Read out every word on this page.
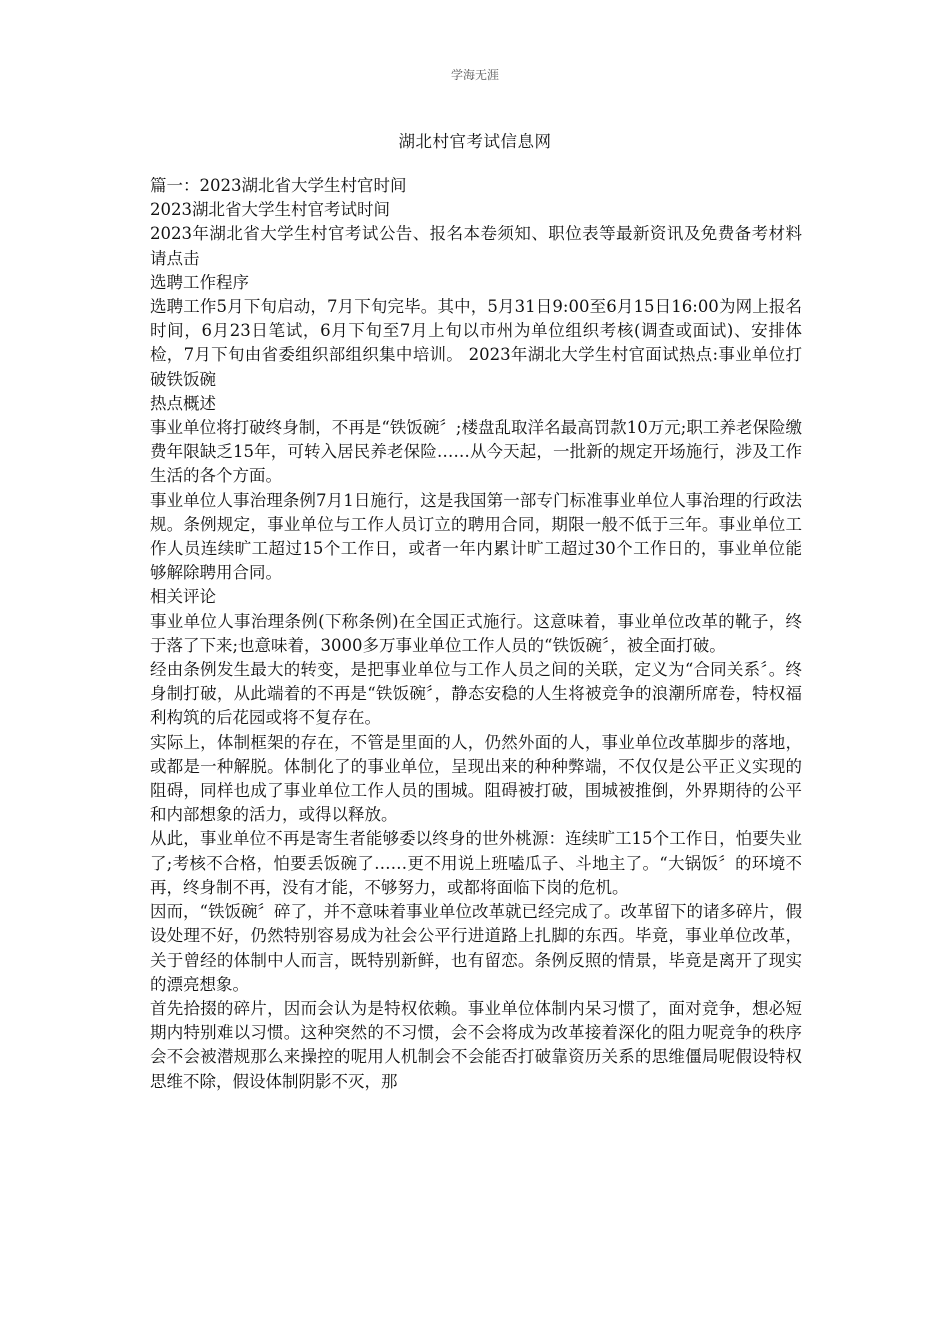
学海无涯
湖北村官考试信息网

篇一：2023湖北省大学生村官时间

2023湖北省大学生村官考试时间

2023年湖北省大学生村官考试公告、报名本卷须知、职位表等最新资讯及免费备考材料请点击

选聘工作程序

选聘工作5月下旬启动，7月下旬完毕。其中，5月31日9:00至6月15日16:00为网上报名时间，6月23日笔试，6月下旬至7月上旬以市州为单位组织考核(调查或面试)、安排体检，7月下旬由省委组织部组织集中培训。 2023年湖北大学生村官面试热点:事业单位打破铁饭碗

热点概述

事业单位将打破终身制，不再是“铁饭碗〞;楼盘乱取洋名最高罚款10万元;职工养老保险缴费年限缺乏15年，可转入居民养老保险……从今天起，一批新的规定开场施行，涉及工作生活的各个方面。

事业单位人事治理条例7月1日施行，这是我国第一部专门标准事业单位人事治理的行政法规。条例规定，事业单位与工作人员订立的聘用合同，期限一般不低于三年。事业单位工作人员连续旷工超过15个工作日，或者一年内累计旷工超过30个工作日的，事业单位能够解除聘用合同。

相关评论

事业单位人事治理条例(下称条例)在全国正式施行。这意味着，事业单位改革的靴子，终于落了下来;也意味着，3000多万事业单位工作人员的“铁饭碗〞，被全面打破。

经由条例发生最大的转变，是把事业单位与工作人员之间的关联，定义为“合同关系〞。终身制打破，从此端着的不再是“铁饭碗〞，静态安稳的人生将被竞争的浪潮所席卷，特权福利构筑的后花园或将不复存在。

实际上，体制框架的存在，不管是里面的人，仍然外面的人，事业单位改革脚步的落地，或都是一种解脱。体制化了的事业单位，呈现出来的种种弊端，不仅仅是公平正义实现的阻碍，同样也成了事业单位工作人员的围城。阻碍被打破，围城被推倒，外界期待的公平和内部想象的活力，或得以释放。

从此，事业单位不再是寄生者能够委以终身的世外桃源：连续旷工15个工作日，怕要失业了;考核不合格，怕要丢饭碗了……更不用说上班嗑瓜子、斗地主了。“大锅饭〞的环境不再，终身制不再，没有才能，不够努力，或都将面临下岗的危机。

因而，“铁饭碗〞碎了，并不意味着事业单位改革就已经完成了。改革留下的诸多碎片，假设处理不好，仍然特别容易成为社会公平行进道路上扎脚的东西。毕竟，事业单位改革，关于曾经的体制中人而言，既特别新鲜，也有留恋。条例反照的情景，毕竟是离开了现实的漂亮想象。

首先拾掇的碎片，因而会认为是特权依赖。事业单位体制内呆习惯了，面对竞争，想必短期内特别难以习惯。这种突然的不习惯，会不会将成为改革接着深化的阻力呢竞争的秩序会不会被潜规那么来操控的呢用人机制会不会能否打破靠资历关系的思维僵局呢假设特权思维不除，假设体制阴影不灭，那
